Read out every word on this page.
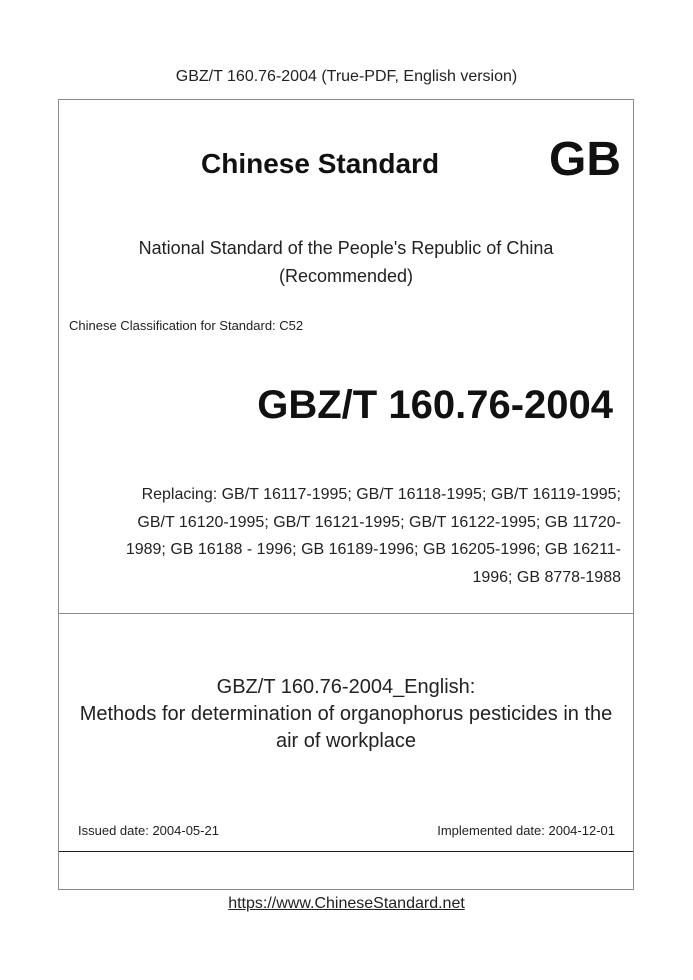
GBZ/T 160.76-2004 (True-PDF, English version)
Chinese Standard GB
National Standard of the People's Republic of China
(Recommended)
Chinese Classification for Standard: C52
GBZ/T 160.76-2004
Replacing: GB/T 16117-1995; GB/T 16118-1995; GB/T 16119-1995;
GB/T 16120-1995; GB/T 16121-1995; GB/T 16122-1995; GB 11720-
1989; GB 16188 - 1996; GB 16189-1996; GB 16205-1996; GB 16211-
1996; GB 8778-1988
GBZ/T 160.76-2004_English:
Methods for determination of organophorus pesticides in the
air of workplace
Issued date: 2004-05-21	Implemented date: 2004-12-01
https://www.ChineseStandard.net
